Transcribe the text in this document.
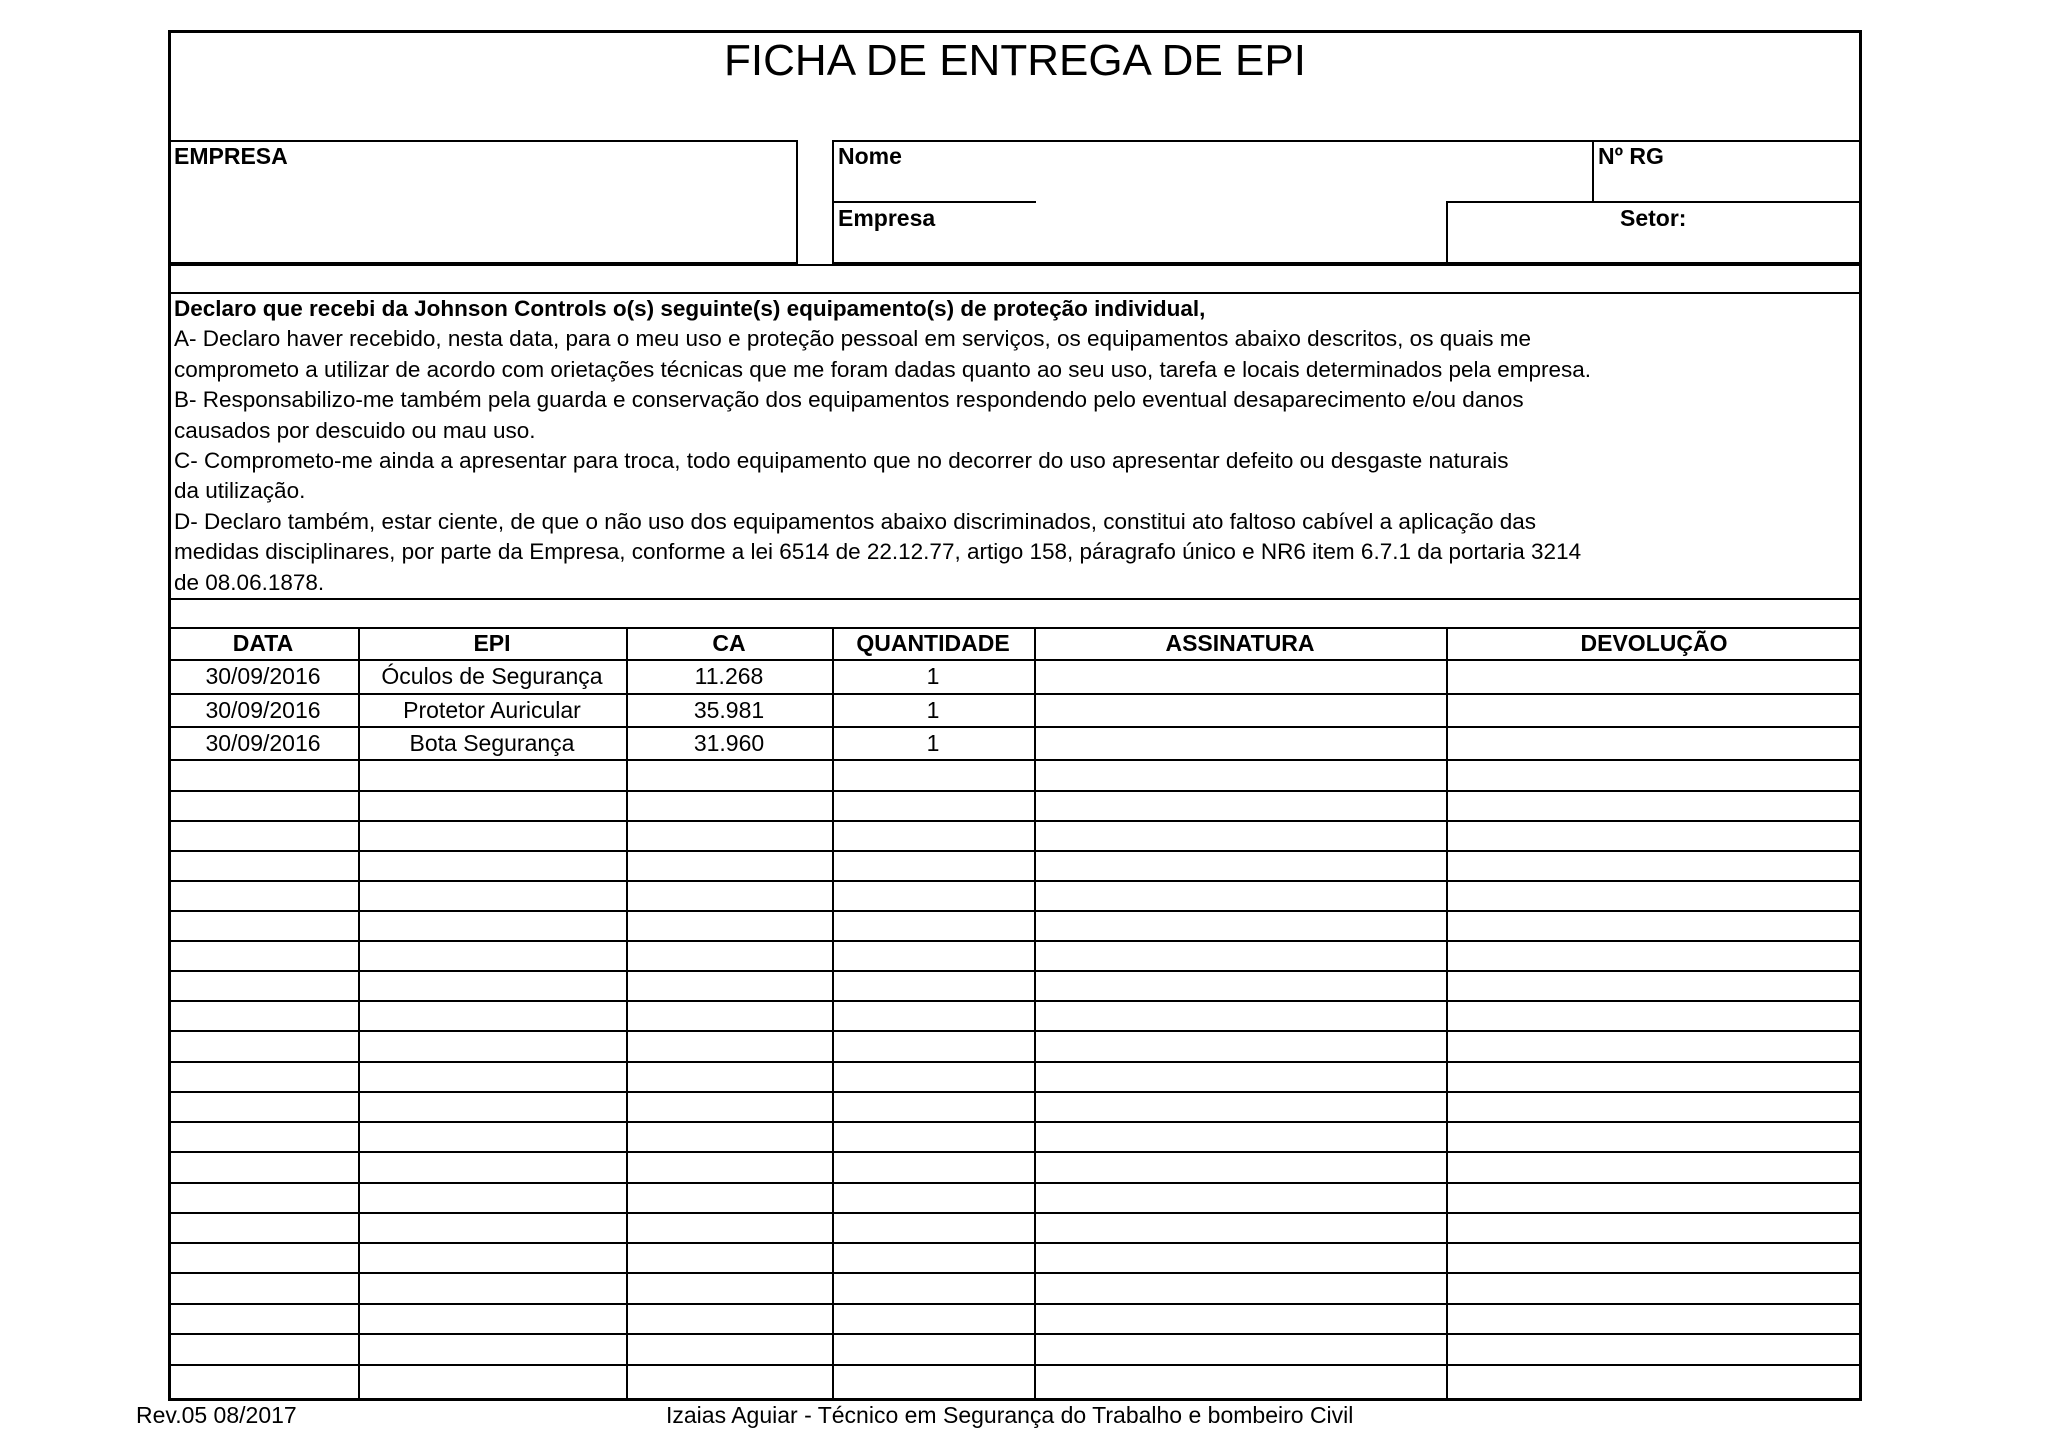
FICHA DE ENTREGA DE EPI
EMPRESA	Nome	Nº RG
Empresa	Setor:
Declaro que recebi da Johnson Controls o(s) seguinte(s) equipamento(s) de proteção individual,
A- Declaro haver recebido, nesta data, para o meu uso e proteção pessoal em serviços, os equipamentos abaixo descritos, os quais me
comprometo a utilizar de acordo com orietações técnicas que me foram dadas quanto ao seu uso, tarefa e locais determinados pela empresa.
B- Responsabilizo-me também pela guarda e conservação dos equipamentos respondendo pelo eventual desaparecimento e/ou danos
causados por descuido ou mau uso.
C- Comprometo-me ainda a apresentar para troca, todo equipamento que no decorrer do uso apresentar defeito ou desgaste naturais
da utilização.
D- Declaro também, estar ciente, de que o não uso dos equipamentos abaixo discriminados, constitui ato faltoso cabível a aplicação das
medidas disciplinares, por parte da Empresa, conforme a lei 6514 de 22.12.77, artigo 158, páragrafo único e NR6 item 6.7.1 da portaria 3214
de 08.06.1878.
DATA	EPI	CA	QUANTIDADE	ASSINATURA	DEVOLUÇÃO
30/09/2016	Óculos de Segurança	11.268	1
30/09/2016	Protetor Auricular	35.981	1
30/09/2016	Bota Segurança	31.960	1
Rev.05 08/2017	Izaias Aguiar - Técnico em Segurança do Trabalho e bombeiro Civil
